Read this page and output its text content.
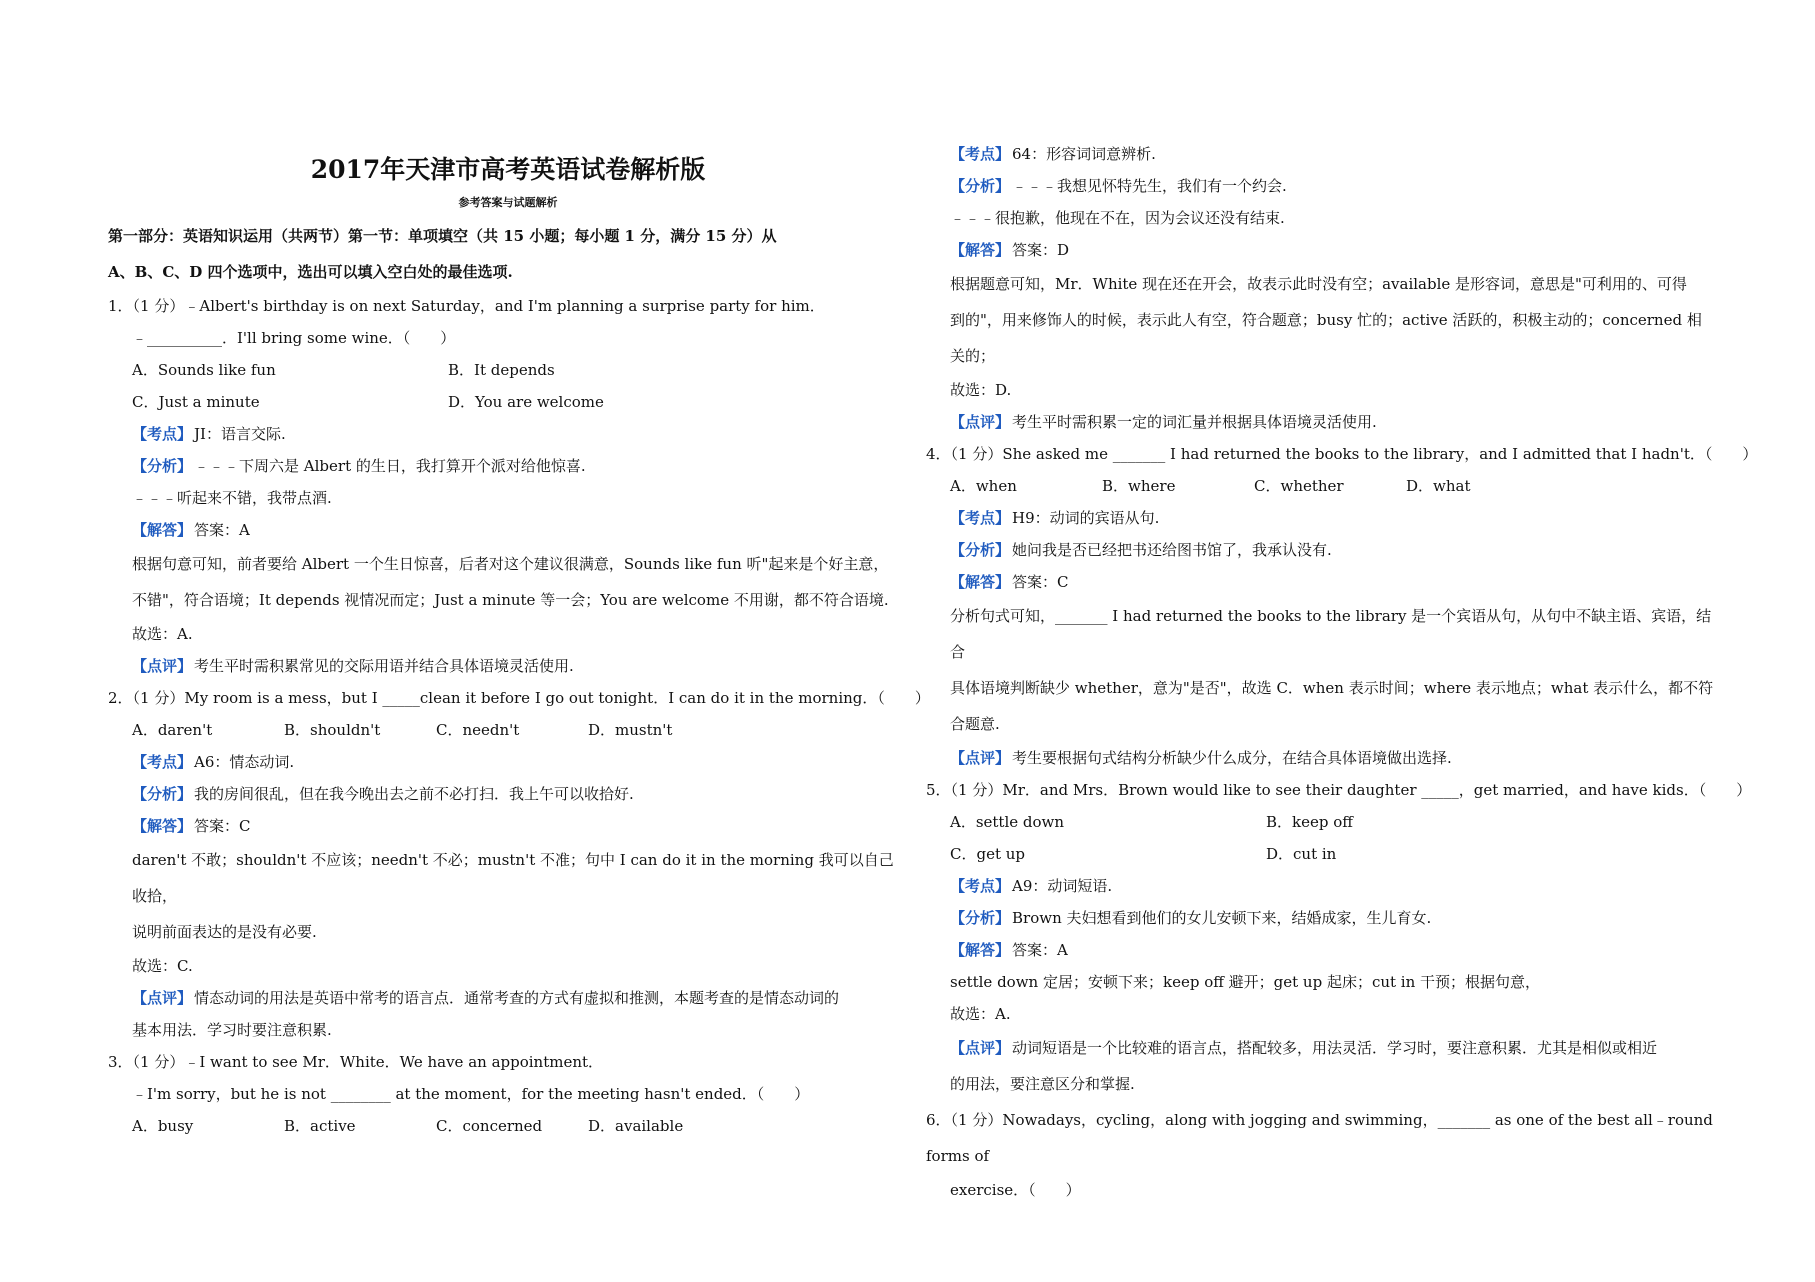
2017年天津市高考英语试卷解析版
参考答案与试题解析
第一部分：英语知识运用（共两节）第一节：单项填空（共 15 小题；每小题 1 分，满分 15 分）从
A、B、C、D 四个选项中，选出可以填入空白处的最佳选项.
1．（1 分）﹣Albert's birthday is on next Saturday，and I'm planning a surprise party for him．
﹣__________．I'll bring some wine．（　　）
A．Sounds like fun	B．It depends
C．Just a minute	D．You are welcome
【考点】 JI：语言交际.
【分析】 ﹣﹣﹣下周六是 Albert 的生日，我打算开个派对给他惊喜.
﹣﹣﹣听起来不错，我带点酒.
【解答】 答案：A
根据句意可知，前者要给 Albert 一个生日惊喜，后者对这个建议很满意，Sounds like fun 听"起来是个好主意，
不错"，符合语境；It depends 视情况而定；Just a minute 等一会；You are welcome 不用谢，都不符合语境.
故选：A.
【点评】 考生平时需积累常见的交际用语并结合具体语境灵活使用.
2．（1 分）My room is a mess，but I _____clean it before I go out tonight．I can do it in the morning．（　　）
A．daren't	B．shouldn't	C．needn't	D．mustn't
【考点】 A6：情态动词.
【分析】 我的房间很乱，但在我今晚出去之前不必打扫．我上午可以收拾好.
【解答】 答案：C
daren't 不敢；shouldn't 不应该；needn't 不必；mustn't 不准；句中 I can do it in the morning 我可以自己收拾，
说明前面表达的是没有必要.
故选：C.
【点评】 情态动词的用法是英语中常考的语言点．通常考查的方式有虚拟和推测，本题考查的是情态动词的
基本用法．学习时要注意积累.
3．（1 分）﹣I want to see Mr．White．We have an appointment．
﹣I'm sorry，but he is not ________ at the moment，for the meeting hasn't ended．（　　）
A．busy	B．active	C．concerned	D．available
【考点】 64：形容词词意辨析.
【分析】 ﹣﹣﹣我想见怀特先生，我们有一个约会.
﹣﹣﹣很抱歉，他现在不在，因为会议还没有结束.
【解答】 答案：D
根据题意可知，Mr．White 现在还在开会，故表示此时没有空；available 是形容词，意思是"可利用的、可得
到的"，用来修饰人的时候，表示此人有空，符合题意；busy 忙的；active 活跃的，积极主动的；concerned 相
关的；
故选：D.
【点评】 考生平时需积累一定的词汇量并根据具体语境灵活使用.
4．（1 分）She asked me _______ I had returned the books to the library，and I admitted that I hadn't．（　　）
A．when	B．where	C．whether	D．what
【考点】 H9：动词的宾语从句.
【分析】 她问我是否已经把书还给图书馆了，我承认没有.
【解答】 答案：C
分析句式可知，_______ I had returned the books to the library 是一个宾语从句，从句中不缺主语、宾语，结合
具体语境判断缺少 whether，意为"是否"，故选 C．when 表示时间；where 表示地点；what 表示什么，都不符
合题意.
【点评】 考生要根据句式结构分析缺少什么成分，在结合具体语境做出选择.
5．（1 分）Mr．and Mrs．Brown would like to see their daughter _____，get married，and have kids．（　　）
A．settle down	B．keep off
C．get up	D．cut in
【考点】 A9：动词短语.
【分析】 Brown 夫妇想看到他们的女儿安顿下来，结婚成家，生儿育女.
【解答】 答案：A
settle down 定居；安顿下来；keep off 避开；get up 起床；cut in 干预；根据句意，
故选：A.
【点评】 动词短语是一个比较难的语言点，搭配较多，用法灵活．学习时，要注意积累．尤其是相似或相近
的用法，要注意区分和掌握.
6．（1 分）Nowadays，cycling，along with jogging and swimming，_______ as one of the best all﹣round forms of
exercise．（　　）
